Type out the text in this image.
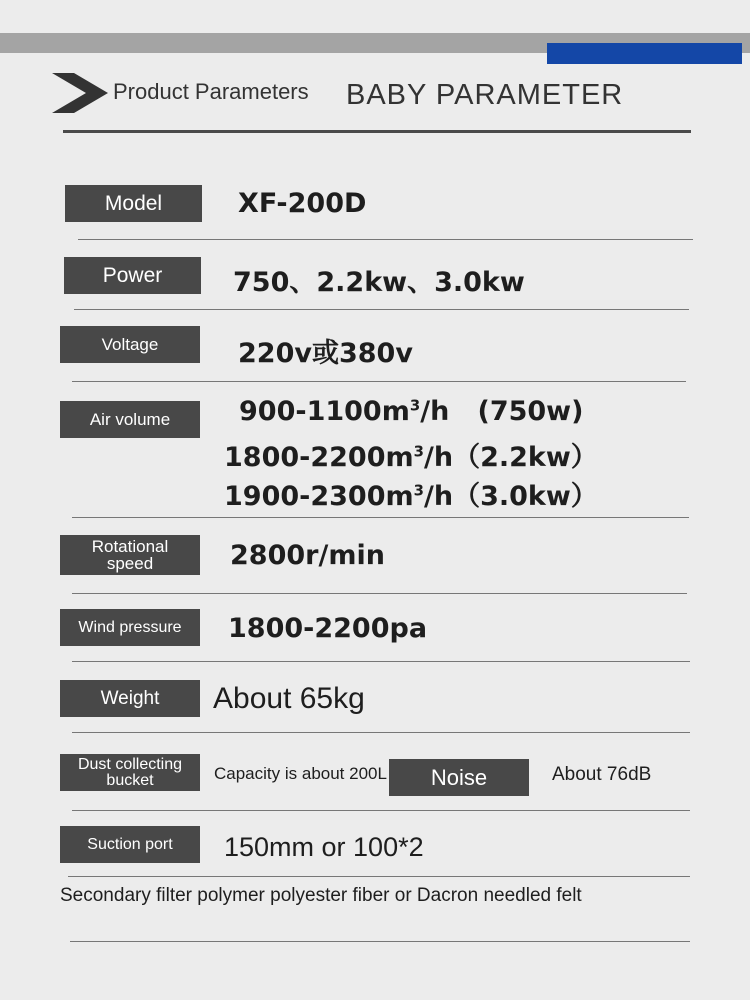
Product Parameters BABY PARAMETER
Model	XF-200D
Power	750、2.2kw、3.0kw
Voltage	220v或380v
Air volume	$900-1100m^3/h$   (750w)
$1800-2200m^3/h(2.2kw)$
$1900-2300m^3/h(3.0kw)$
Rotational
speed	2800r/min
Wind pressure	1800-2200pa
Weight	About 65kg
Dust collecting
bucket	Capacity is about 200L	Noise	About 76dB
Suction port	150mm or 100*2
Secondary filter polymer polyester fiber or Dacron needled felt
